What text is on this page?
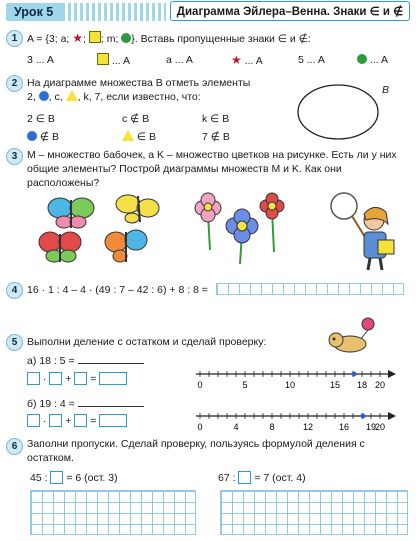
Урок 5	Диаграмма Эйлера–Венна. Знаки ∈ и ∉
1 A = {3; a; ★; ; m; }. Вставь пропущенные знаки ∈ и ∉:
3 ... A	... A	a ... A	★ ... A	5 ... A	... A
2 На диаграмме множества B отметь элементы
2, , c, , k, 7, если известно, что:
B
2 ∈ B	c ∉ B	k ∈ B
∉ B	∈ B	7 ∉ B
3 M – множество бабочек, а K – множество цветков на рисунке. Есть ли у них общие элементы? Построй диаграммы множеств M и K. Как они расположены?
4 16 · 1 : 4 – 4 · (49 : 7 – 42 : 6) + 8 : 8 =
5 Выполни деление с остатком и сделай проверку:
а) 18 : 5 =
· + =	0	5	10	15 18 20
б) 19 : 4 =
· + =	0	4	8	12	16 19
20
6 Заполни пропуски. Сделай проверку, пользуясь формулой деления с остатком.
45 : = 6 (ост. 3)	67 : = 7 (ост. 4)
